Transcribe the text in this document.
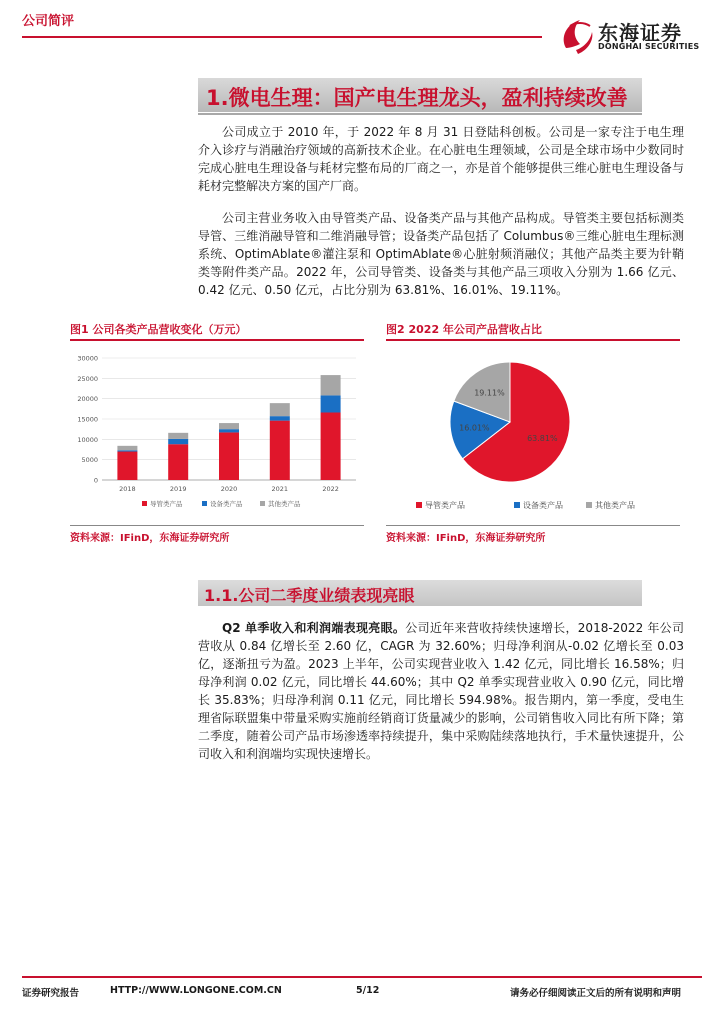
公司简评	东海证券
DONGHAI SECURITIES
1.微电生理：国产电生理龙头，盈利持续改善

公司成立于 2010 年，于 2022 年 8 月 31 日登陆科创板。公司是一家专注于电生理介入诊疗与消融治疗领域的高新技术企业。在心脏电生理领域，公司是全球市场中少数同时完成心脏电生理设备与耗材完整布局的厂商之一，亦是首个能够提供三维心脏电生理设备与耗材完整解决方案的国产厂商。

公司主营业务收入由导管类产品、设备类产品与其他产品构成。导管类主要包括标测类导管、三维消融导管和二维消融导管；设备类产品包括了 Columbus®三维心脏电生理标测系统、OptimAblate®灌注泵和 OptimAblate®心脏射频消融仪；其他产品类主要为针鞘类等附件类产品。2022 年，公司导管类、设备类与其他产品三项收入分别为 1.66 亿元、0.42 亿元、0.50 亿元，占比分别为 63.81%、16.01%、19.11%。

图1 公司各类产品营收变化（万元）	图2 2022 年公司产品营收占比
0
5000
10000
15000
20000
25000
30000
2018	2019	2020	2021	2022
导管类产品	设备类产品	其他类产品
63.81%
16.01%
19.11%
导管类产品	设备类产品	其他类产品
资料来源：IFinD，东海证券研究所	资料来源：IFinD，东海证券研究所
1.1.公司二季度业绩表现亮眼

Q2 单季收入和利润端表现亮眼。公司近年来营收持续快速增长，2018-2022 年公司营收从 0.84 亿增长至 2.60 亿，CAGR 为 32.60%；归母净利润从-0.02 亿增长至 0.03 亿，逐渐扭亏为盈。2023 上半年，公司实现营业收入 1.42 亿元，同比增长 16.58%；归母净利润 0.02 亿元，同比增长 44.60%；其中 Q2 单季实现营业收入 0.90 亿元，同比增长 35.83%；归母净利润 0.11 亿元，同比增长 594.98%。报告期内，第一季度，受电生理省际联盟集中带量采购实施前经销商订货量减少的影响，公司销售收入同比有所下降；第二季度，随着公司产品市场渗透率持续提升，集中采购陆续落地执行，手术量快速提升，公司收入和利润端均实现快速增长。

证券研究报告	HTTP://WWW.LONGONE.COM.CN	5/12	请务必仔细阅读正文后的所有说明和声明
